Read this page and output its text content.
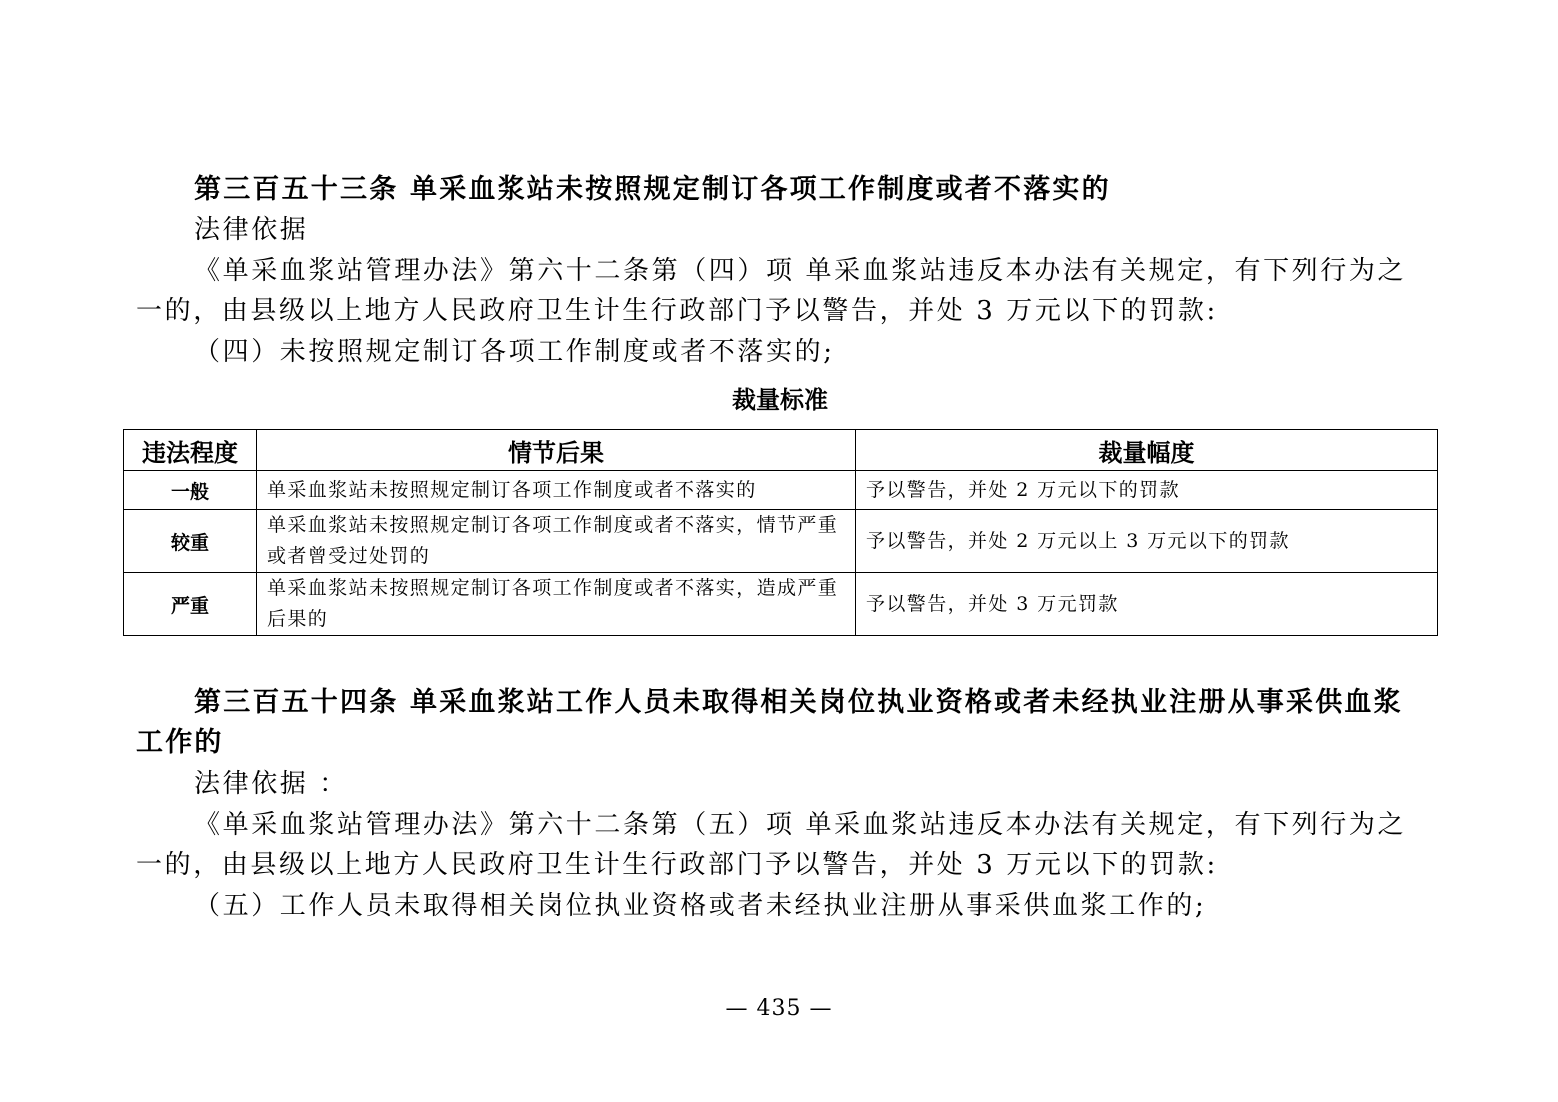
第三百五十三条 单采血浆站未按照规定制订各项工作制度或者不落实的

法律依据

《单采血浆站管理办法》第六十二条第（四）项 单采血浆站违反本办法有关规定，有下列行为之一的，由县级以上地方人民政府卫生计生行政部门予以警告，并处 3 万元以下的罚款:

（四）未按照规定制订各项工作制度或者不落实的;

裁量标准

违法程度	情节后果	裁量幅度
一般	单采血浆站未按照规定制订各项工作制度或者不落实的	予以警告，并处 2 万元以下的罚款
较重	单采血浆站未按照规定制订各项工作制度或者不落实，情节严重或者曾受过处罚的	予以警告，并处 2 万元以上 3 万元以下的罚款
严重	单采血浆站未按照规定制订各项工作制度或者不落实，造成严重后果的	予以警告，并处 3 万元罚款

第三百五十四条 单采血浆站工作人员未取得相关岗位执业资格或者未经执业注册从事采供血浆工作的

法律依据 ：

《单采血浆站管理办法》第六十二条第（五）项 单采血浆站违反本办法有关规定，有下列行为之一的，由县级以上地方人民政府卫生计生行政部门予以警告，并处 3 万元以下的罚款:

（五）工作人员未取得相关岗位执业资格或者未经执业注册从事采供血浆工作的;

— 435 —
